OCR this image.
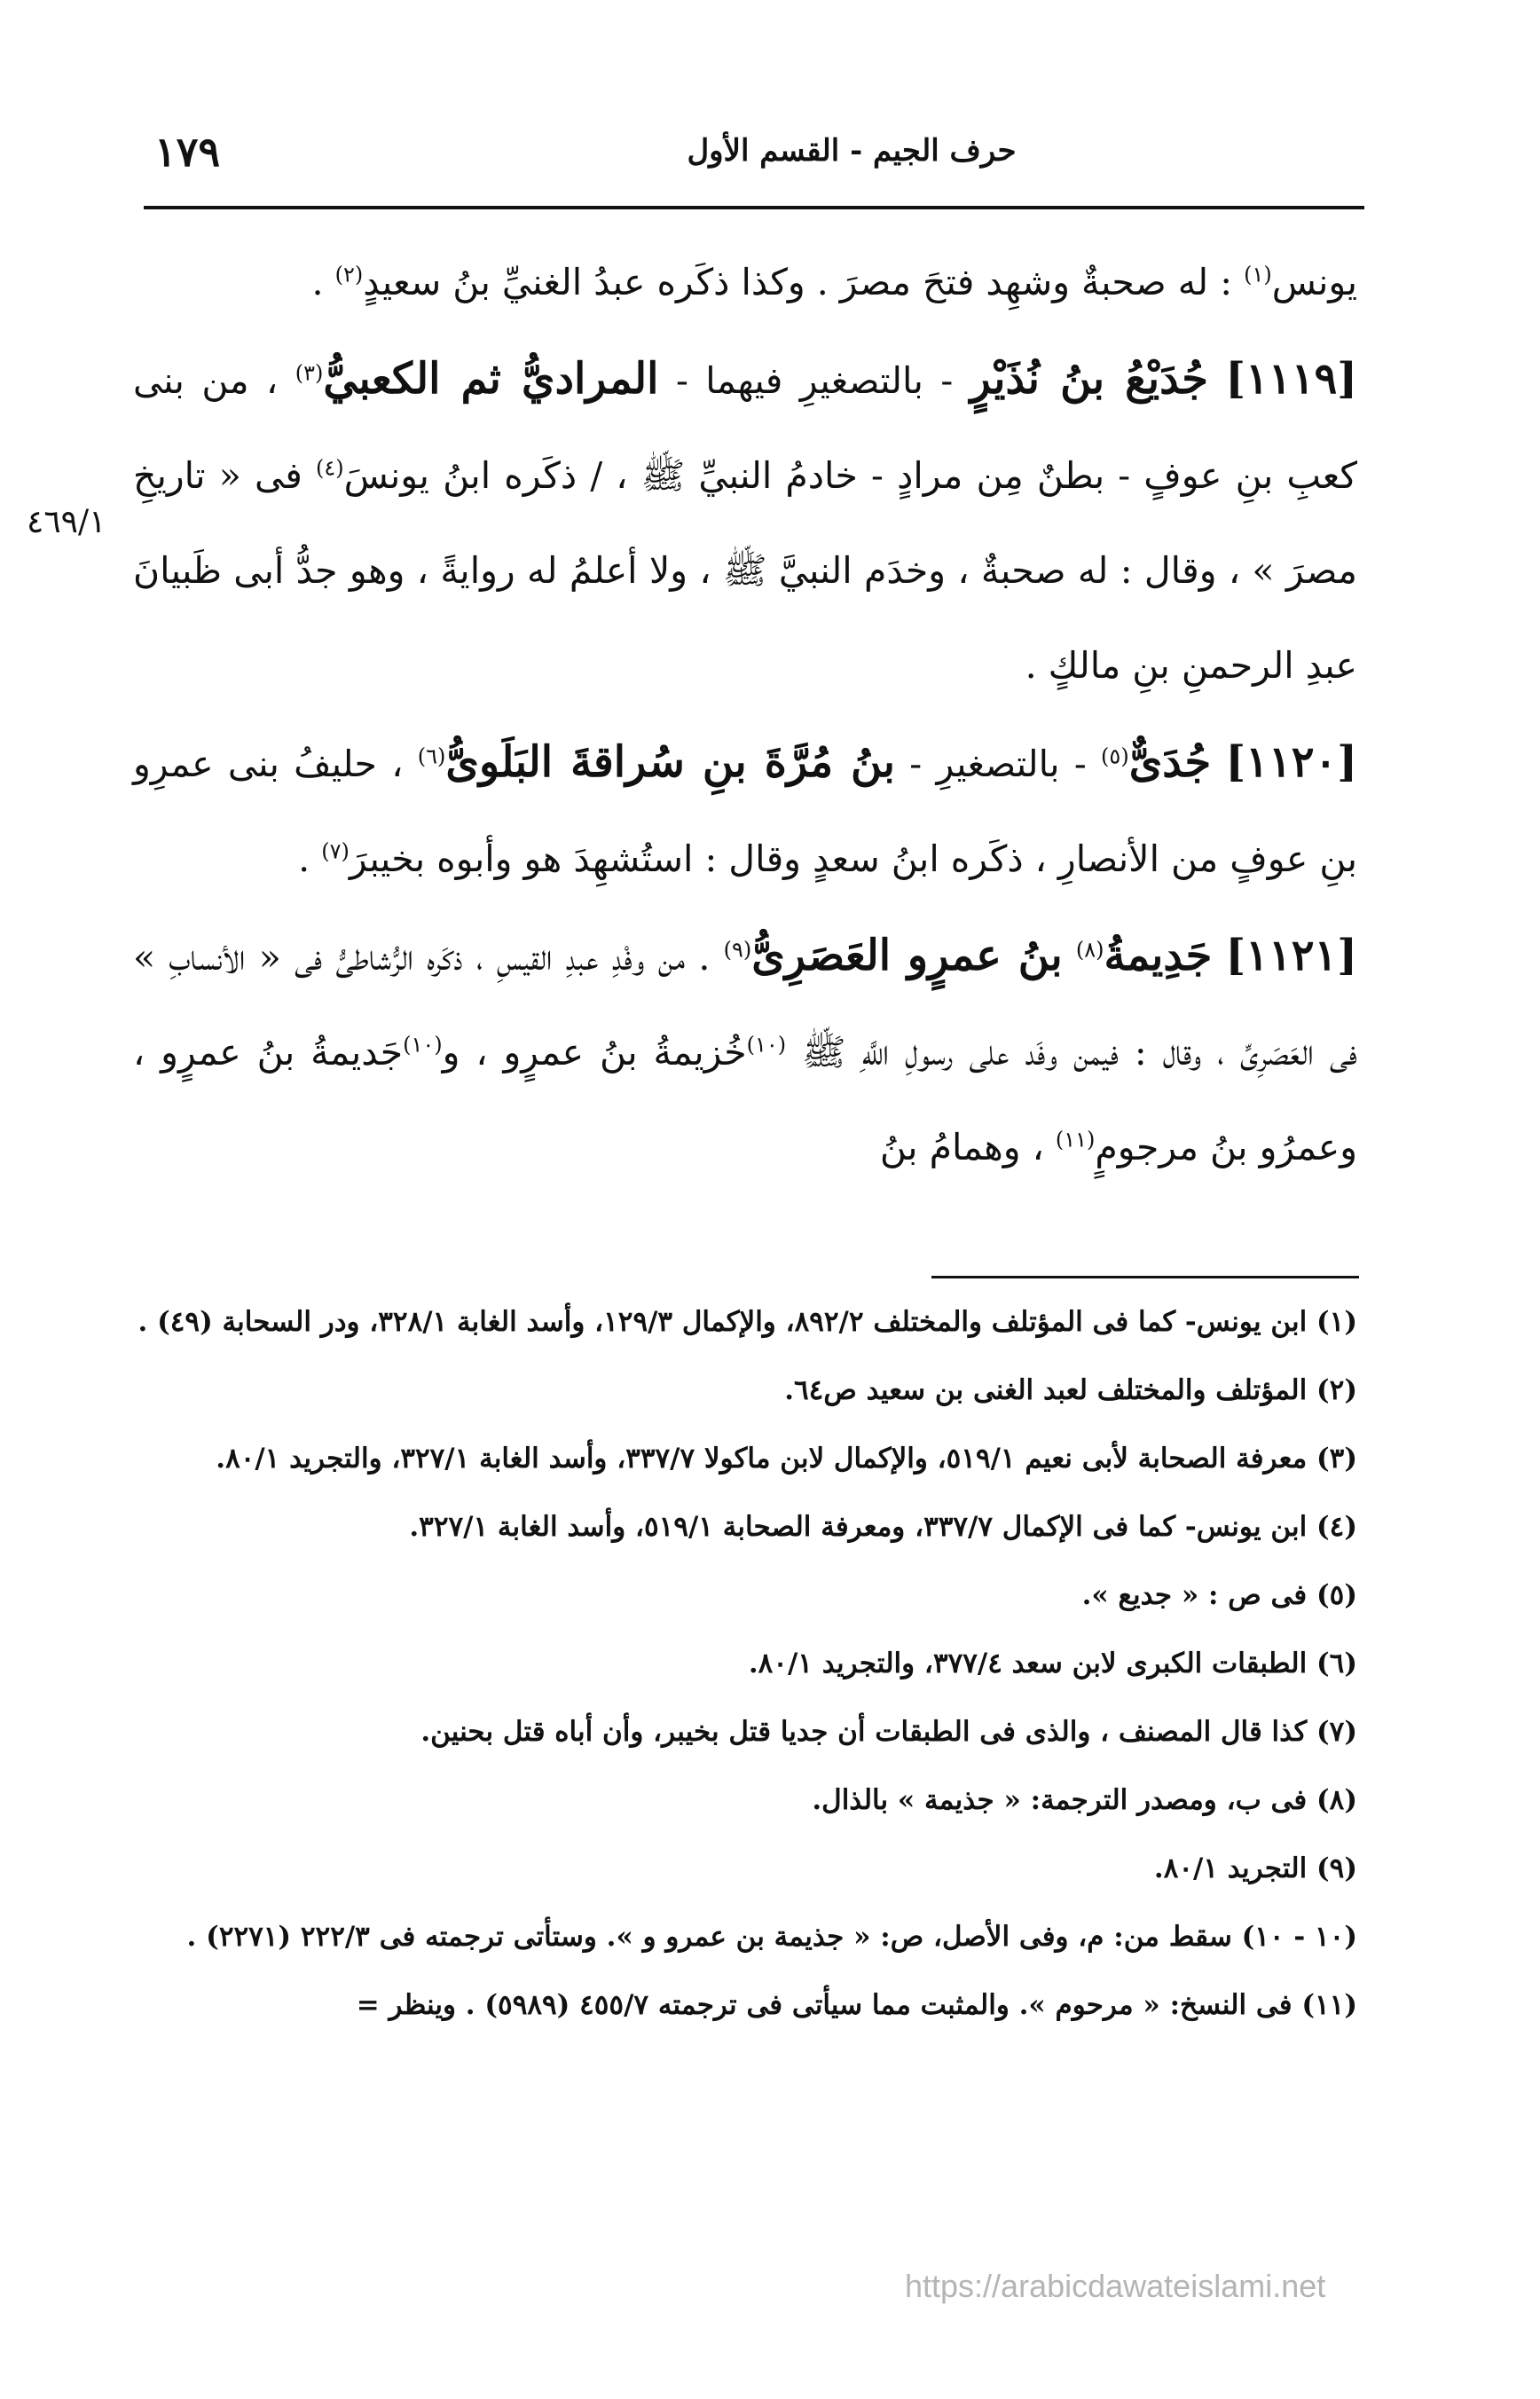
١٧٩	حرف الجيم - القسم الأول

يونس$^{(١)}$ : له صحبةٌ وشهِد فتحَ مصرَ . وكذا ذكَره عبدُ الغنيِّ بنُ سعيدٍ$^{(٢)}$ .

[١١١٩] جُدَيْعُ بنُ نُذَيْرٍ - بالتصغيرِ فيهما - المراديُّ ثم الكعبيُّ$^{(٣)}$ ، من بنى كعبِ بنِ عوفٍ - بطنٌ مِن مرادٍ - خادمُ النبيِّ ﷺ ، / ذكَره ابنُ يونسَ$^{(٤)}$ فى « تاريخِ مصرَ » ، وقال : له صحبةٌ ، وخدَم النبيَّ ﷺ ، ولا أعلمُ له روايةً ، وهو جدُّ أبى ظَبيانَ عبدِ الرحمنِ بنِ مالكٍ .

[١١٢٠] جُدَىٌّ$^{(٥)}$ - بالتصغيرِ - بنُ مُرَّةَ بنِ سُراقةَ البَلَوىُّ$^{(٦)}$ ، حليفُ بنى عمرِو بنِ عوفٍ من الأنصارِ ، ذكَره ابنُ سعدٍ وقال : استُشهِدَ هو وأبوه بخيبرَ$^{(٧)}$ .

[١١٢١] جَدِيمةُ$^{(٨)}$ بنُ عمرٍو العَصَرِىُّ$^{(٩)}$ . من وفْدِ عبدِ القيسِ ، ذكَره الرُّشاطىُّ فى « الأنسابِ » فى العَصَرِىِّ ، وقال : فيمن وفَد على رسولِ اللَّهِ ﷺ $^{(١٠)}$خُزيمةُ بنُ عمرٍو ، و$^{(١٠)}$جَديمةُ بنُ عمرٍو ، وعمرُو بنُ مرجومٍ$^{(١١)}$ ، وهمامُ بنُ

٤٦٩/١

(١) ابن يونس- كما فى المؤتلف والمختلف ٨٩٢/٢، والإكمال ١٢٩/٣، وأسد الغابة ٣٢٨/١، ودر السحابة (٤٩) .

(٢) المؤتلف والمختلف لعبد الغنى بن سعيد ص٦٤.

(٣) معرفة الصحابة لأبى نعيم ٥١٩/١، والإكمال لابن ماكولا ٣٣٧/٧، وأسد الغابة ٣٢٧/١، والتجريد ٨٠/١.

(٤) ابن يونس- كما فى الإكمال ٣٣٧/٧، ومعرفة الصحابة ٥١٩/١، وأسد الغابة ٣٢٧/١.

(٥) فى ص : « جديع ».

(٦) الطبقات الكبرى لابن سعد ٣٧٧/٤، والتجريد ٨٠/١.

(٧) كذا قال المصنف ، والذى فى الطبقات أن جديا قتل بخيبر، وأن أباه قتل بحنين.

(٨) فى ب، ومصدر الترجمة: « جذيمة » بالذال.

(٩) التجريد ٨٠/١.

(١٠ - ١٠) سقط من: م، وفى الأصل، ص: « جذيمة بن عمرو و ». وستأتى ترجمته فى ٢٢٢/٣ (٢٢٧١) .

(١١) فى النسخ: « مرحوم ». والمثبت مما سيأتى فى ترجمته ٤٥٥/٧ (٥٩٨٩) . وينظر =

https://arabicdawateislami.net
